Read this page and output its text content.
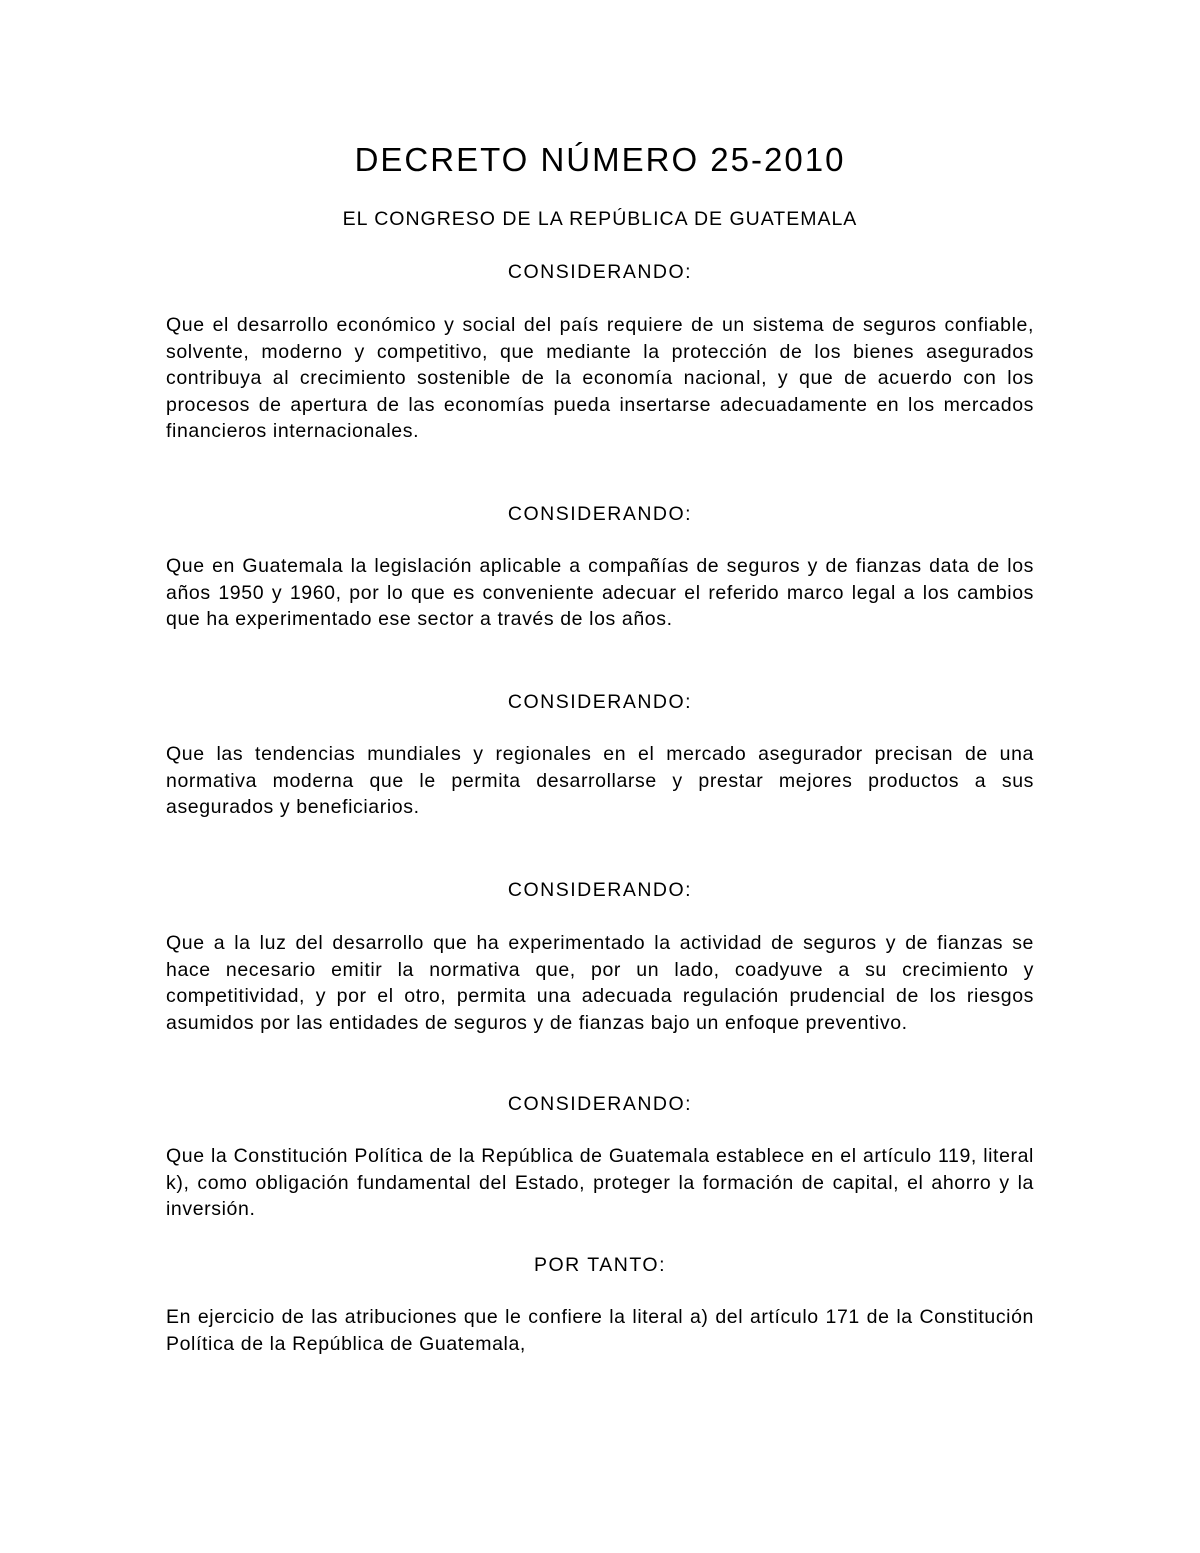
DECRETO NÚMERO 25-2010

EL CONGRESO DE LA REPÚBLICA DE GUATEMALA

CONSIDERANDO:

Que el desarrollo económico y social del país requiere de un sistema de seguros confiable, solvente, moderno y competitivo, que mediante la protección de los bienes asegurados contribuya al crecimiento sostenible de la economía nacional, y que de acuerdo con los procesos de apertura de las economías pueda insertarse adecuadamente en los mercados financieros internacionales.

CONSIDERANDO:

Que en Guatemala la legislación aplicable a compañías de seguros y de fianzas data de los años 1950 y 1960, por lo que es conveniente adecuar el referido marco legal a los cambios que ha experimentado ese sector a través de los años.

CONSIDERANDO:

Que las tendencias mundiales y regionales en el mercado asegurador precisan de una normativa moderna que le permita desarrollarse y prestar mejores productos a sus asegurados y beneficiarios.

CONSIDERANDO:

Que a la luz del desarrollo que ha experimentado la actividad de seguros y de fianzas se hace necesario emitir la normativa que, por un lado, coadyuve a su crecimiento y competitividad, y por el otro, permita una adecuada regulación prudencial de los riesgos asumidos por las entidades de seguros y de fianzas bajo un enfoque preventivo.

CONSIDERANDO:

Que la Constitución Política de la República de Guatemala establece en el artículo 119, literal k), como obligación fundamental del Estado, proteger la formación de capital, el ahorro y la inversión.

POR TANTO:

En ejercicio de las atribuciones que le confiere la literal a) del artículo 171 de la Constitución Política de la República de Guatemala,
